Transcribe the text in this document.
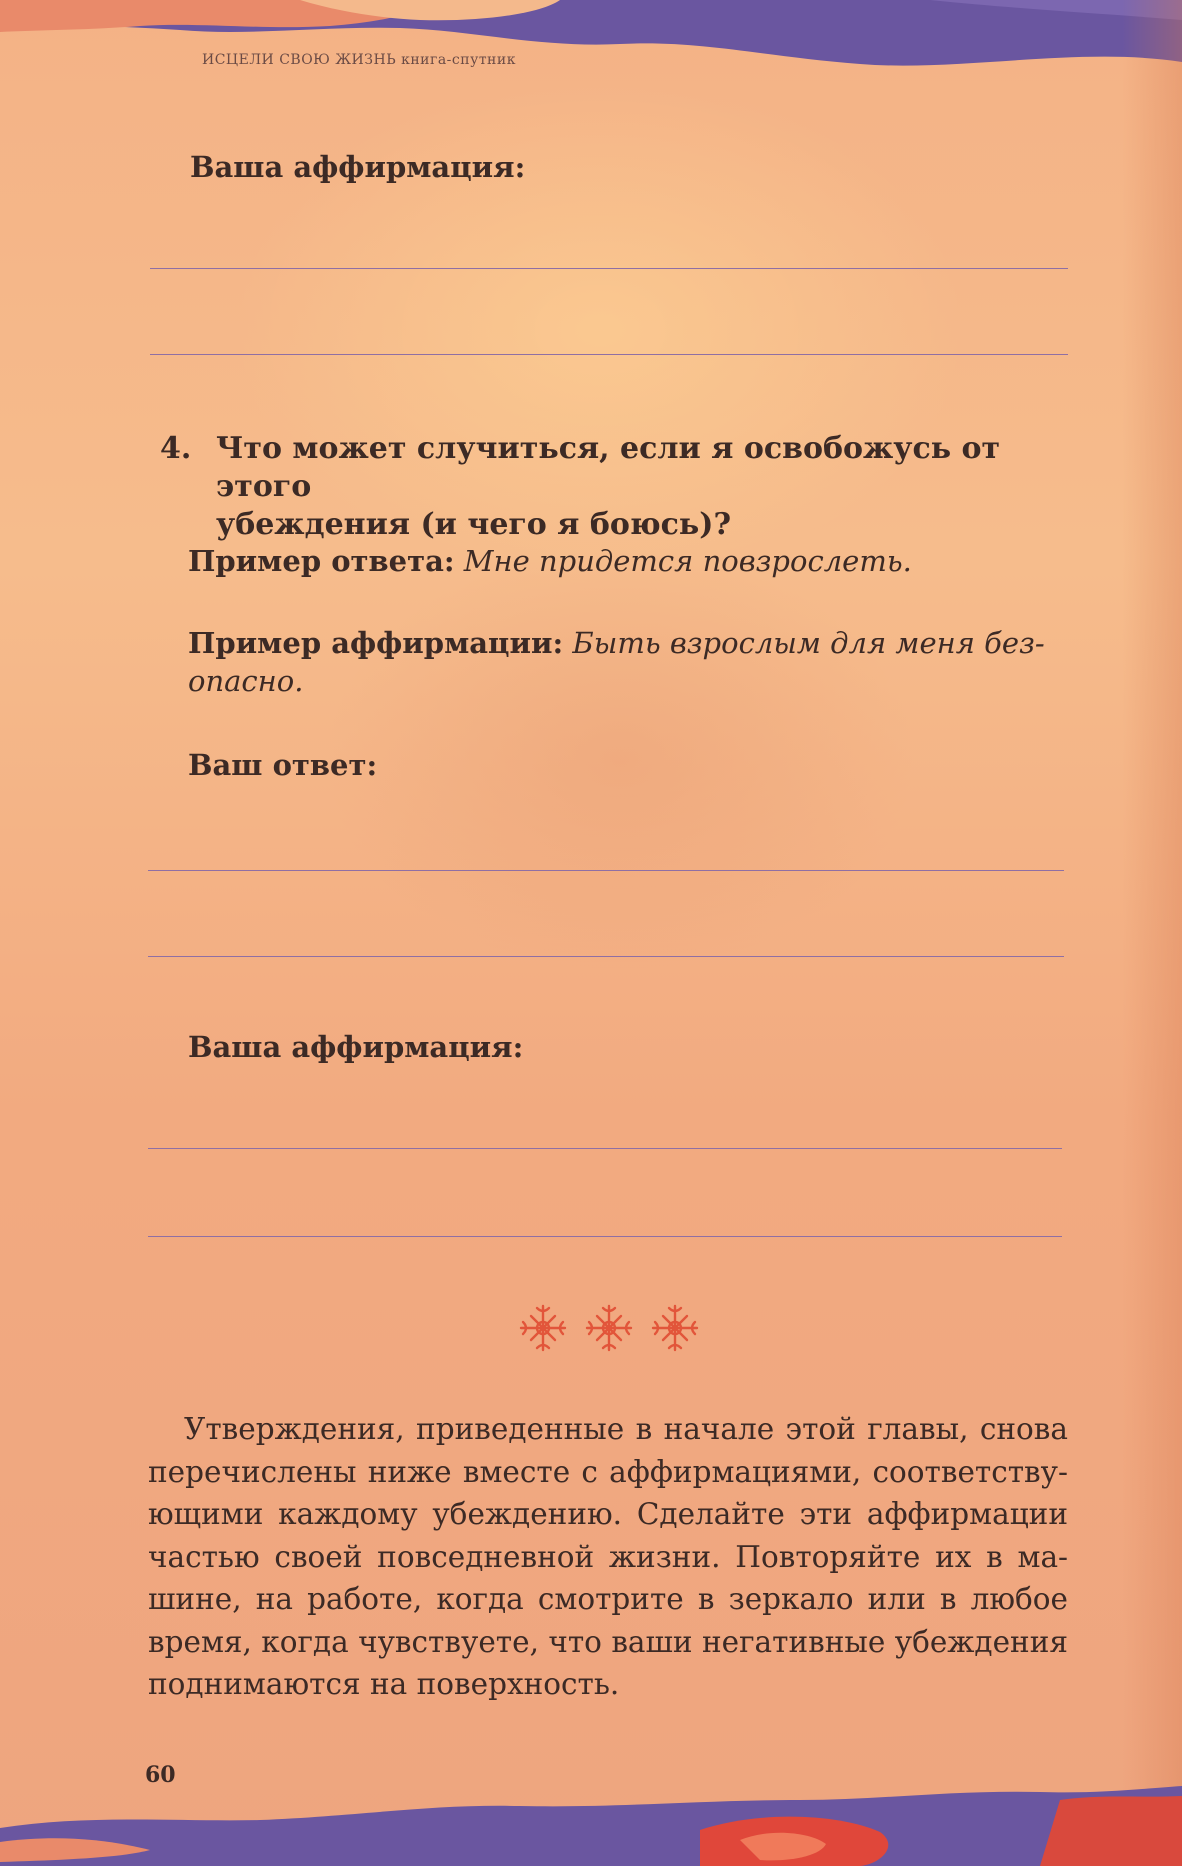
ИСЦЕЛИ СВОЮ ЖИЗНЬ книга-спутник
Ваша аффирмация:
4. Что может случиться, если я освобожусь от этого
убеждения (и чего я боюсь)?
Пример ответа: Мне придется повзрослеть.
Пример аффирмации: Быть взрослым для меня без-
опасно.
Ваш ответ:
Ваша аффирмация:
Утверждения, приведенные в начале этой главы, снова
перечислены ниже вместе с аффирмациями, соответству-
ющими каждому убеждению. Сделайте эти аффирмации
частью своей повседневной жизни. Повторяйте их в ма-
шине, на работе, когда смотрите в зеркало или в любое
время, когда чувствуете, что ваши негативные убеждения
поднимаются на поверхность.
60
